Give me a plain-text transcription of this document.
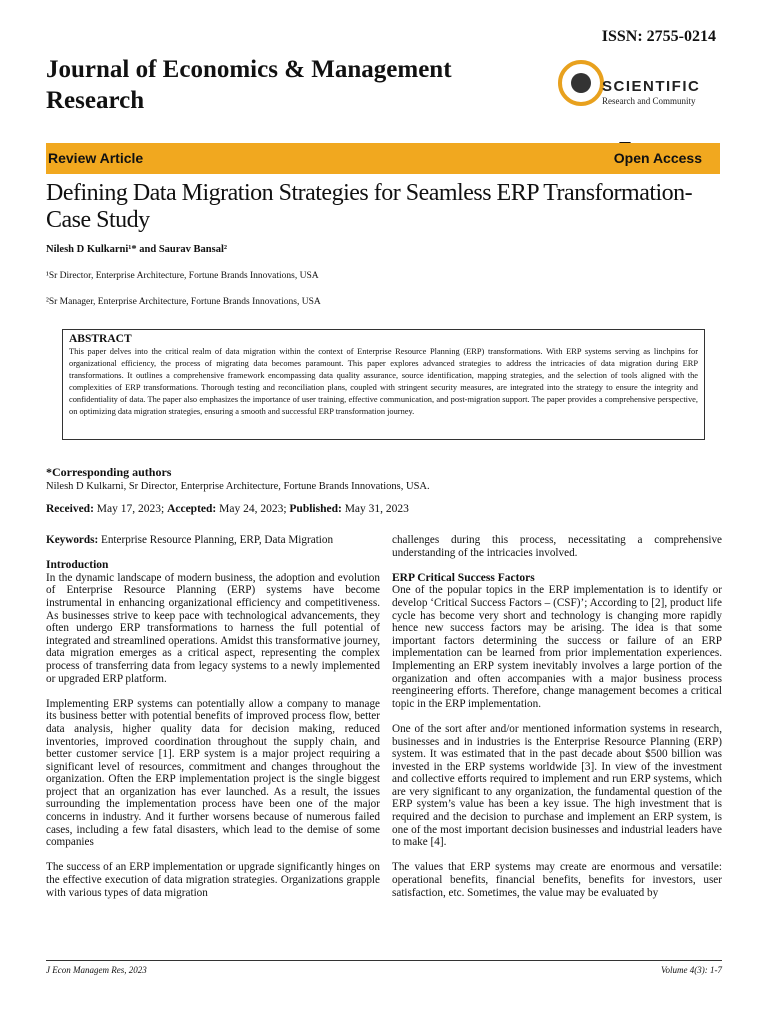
ISSN: 2755-0214
Journal of Economics & Management Research
SCIENTIFIC
Research and Community
Review Article	Open Access
Defining Data Migration Strategies for Seamless ERP Transformation-Case Study
Nilesh D Kulkarni¹* and Saurav Bansal²
¹Sr Director, Enterprise Architecture, Fortune Brands Innovations, USA
²Sr Manager, Enterprise Architecture, Fortune Brands Innovations, USA
ABSTRACT
This paper delves into the critical realm of data migration within the context of Enterprise Resource Planning (ERP) transformations. With ERP systems serving as linchpins for organizational efficiency, the process of migrating data becomes paramount. This paper explores advanced strategies to address the intricacies of data migration during ERP transformations. It outlines a comprehensive framework encompassing data quality assurance, source identification, mapping strategies, and the selection of tools aligned with the complexities of ERP transformations. Thorough testing and reconciliation plans, coupled with stringent security measures, are integrated into the strategy to ensure the integrity and confidentiality of data. The paper also emphasizes the importance of user training, effective communication, and post-migration support. The paper provides a comprehensive perspective, on optimizing data migration strategies, ensuring a smooth and successful ERP transformation journey.
*Corresponding authors
Nilesh D Kulkarni, Sr Director, Enterprise Architecture, Fortune Brands Innovations, USA.
Received: May 17, 2023; Accepted: May 24, 2023; Published: May 31, 2023

Keywords: Enterprise Resource Planning, ERP, Data Migration

Introduction

In the dynamic landscape of modern business, the adoption and evolution of Enterprise Resource Planning (ERP) systems have become instrumental in enhancing organizational efficiency and competitiveness. As businesses strive to keep pace with technological advancements, they often undergo ERP transformations to harness the full potential of integrated and streamlined operations. Amidst this transformative journey, data migration emerges as a critical aspect, representing the complex process of transferring data from legacy systems to a newly implemented or upgraded ERP platform.

Implementing ERP systems can potentially allow a company to manage its business better with potential benefits of improved process flow, better data analysis, higher quality data for decision making, reduced inventories, improved coordination throughout the supply chain, and better customer service [1]. ERP system is a major project requiring a significant level of resources, commitment and changes throughout the organization. Often the ERP implementation project is the single biggest project that an organization has ever launched. As a result, the issues surrounding the implementation process have been one of the major concerns in industry. And it further worsens because of numerous failed cases, including a few fatal disasters, which lead to the demise of some companies

The success of an ERP implementation or upgrade significantly hinges on the effective execution of data migration strategies. Organizations grapple with various types of data migration

challenges during this process, necessitating a comprehensive understanding of the intricacies involved.

ERP Critical Success Factors

One of the popular topics in the ERP implementation is to identify or develop ‘Critical Success Factors – (CSF)’; According to [2], product life cycle has become very short and technology is changing more rapidly hence new success factors may be arising. The idea is that some important factors determining the success or failure of an ERP implementation can be learned from prior implementation experiences. Implementing an ERP system inevitably involves a large portion of the organization and often accompanies with a major business process reengineering efforts. Therefore, change management becomes a critical topic in the ERP implementation.

One of the sort after and/or mentioned information systems in research, businesses and in industries is the Enterprise Resource Planning (ERP) system. It was estimated that in the past decade about $500 billion was invested in the ERP systems worldwide [3]. In view of the investment and collective efforts required to implement and run ERP systems, which are very significant to any organization, the fundamental question of the ERP system’s value has been a key issue. The high investment that is required and the decision to purchase and implement an ERP system, is one of the most important decision businesses and industrial leaders have to make [4].

The values that ERP systems may create are enormous and versatile: operational benefits, financial benefits, benefits for investors, user satisfaction, etc. Sometimes, the value may be evaluated by

J Econ Managem Res, 2023	Volume 4(3): 1-7
